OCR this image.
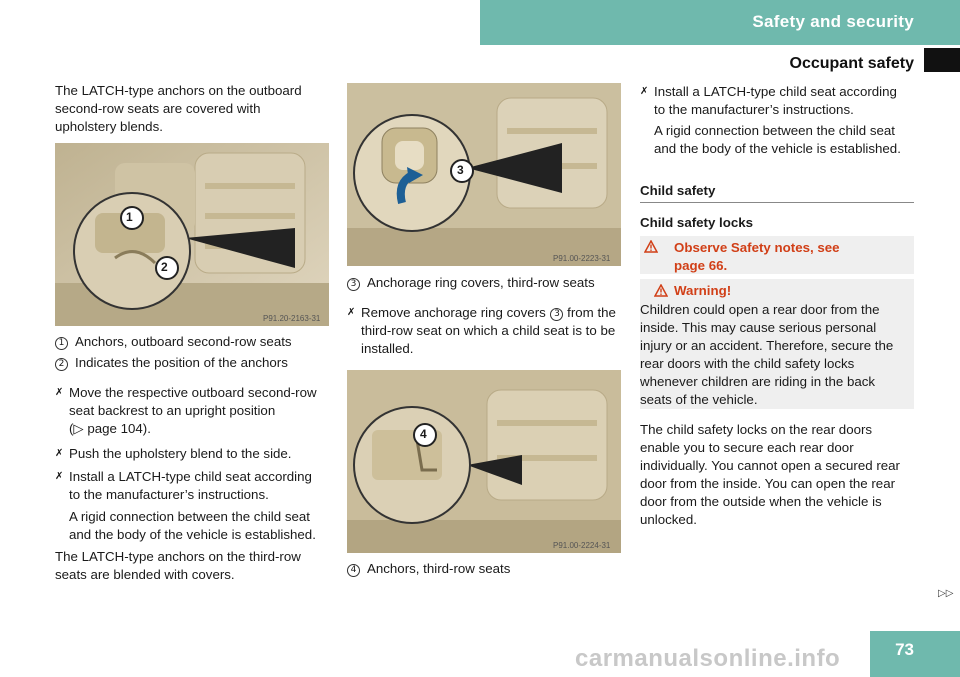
Safety and security
Occupant safety
The LATCH-type anchors on the outboard
second-row seats are covered with
upholstery blends.
P91.20-2163-31
1
2
1 Anchors, outboard second-row seats
2 Indicates the position of the anchors
✗ Move the respective outboard second-row
seat backrest to an upright position
(▷ page 104).
✗ Push the upholstery blend to the side.
✗ Install a LATCH-type child seat according
to the manufacturer’s instructions.
A rigid connection between the child seat
and the body of the vehicle is established.
The LATCH-type anchors on the third-row
seats are blended with covers.
P91.00-2223-31
3
3 Anchorage ring covers, third-row seats
✗ Remove anchorage ring covers 3 from the
third-row seat on which a child seat is to be
installed.
P91.00-2224-31
4
4 Anchors, third-row seats
✗ Install a LATCH-type child seat according
to the manufacturer’s instructions.
A rigid connection between the child seat
and the body of the vehicle is established.
Child safety
Child safety locks
Observe Safety notes, see
page 66.
Warning!
Children could open a rear door from the
inside. This may cause serious personal
injury or an accident. Therefore, secure the
rear doors with the child safety locks
whenever children are riding in the back
seats of the vehicle.
The child safety locks on the rear doors
enable you to secure each rear door
individually. You cannot open a secured rear
door from the inside. You can open the rear
door from the outside when the vehicle is
unlocked.
▷▷
carmanualsonline.info	73
